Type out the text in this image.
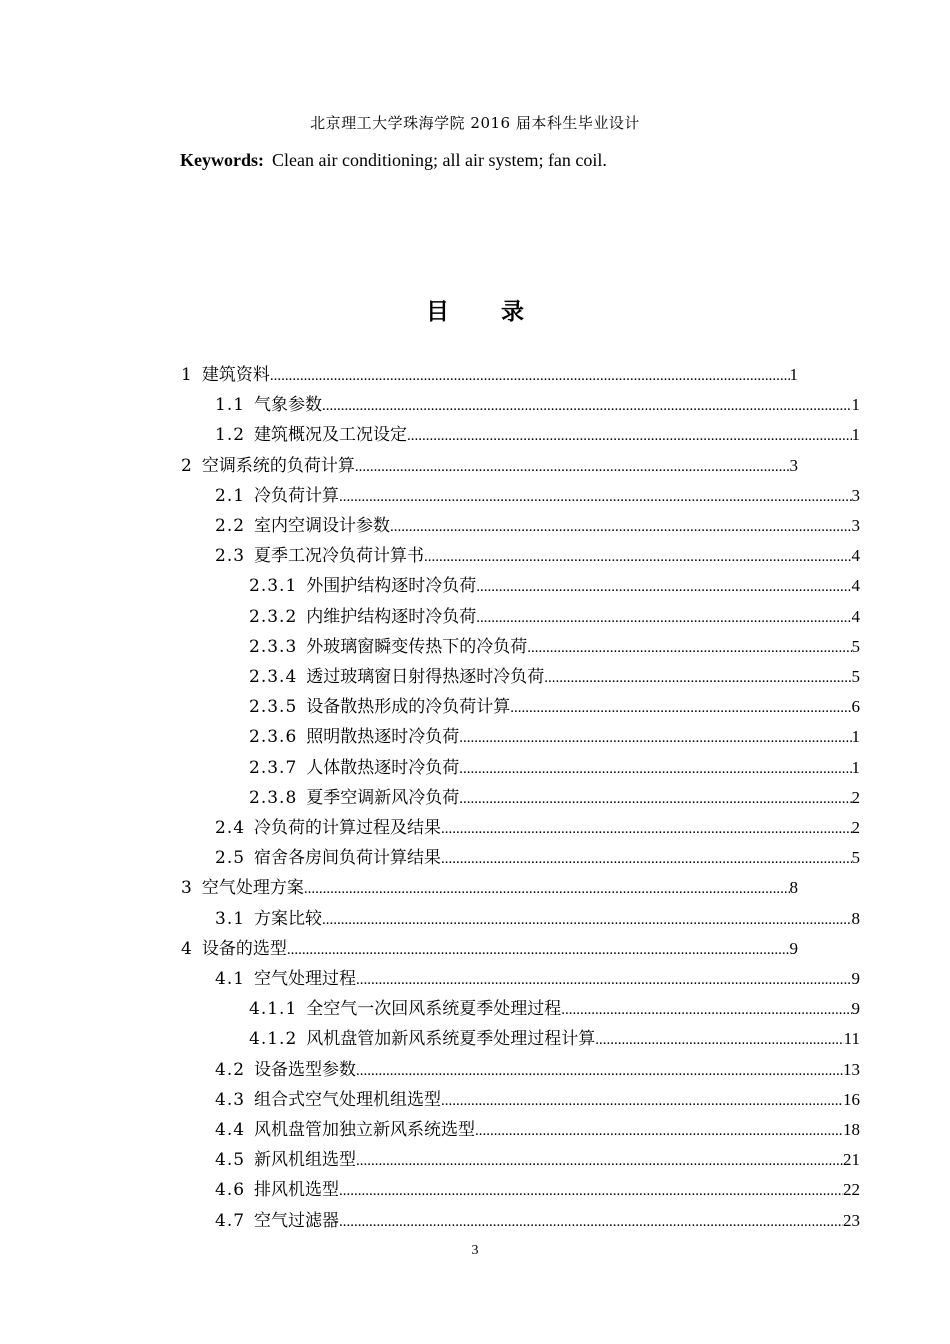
北京理工大学珠海学院 2016 届本科生毕业设计
Keywords: Clean air conditioning; all air system; fan coil.
目 录
1 建筑资料 .....	1
1.1 气象参数 .....	1
1.2 建筑概况及工况设定 .....	1
2 空调系统的负荷计算 .....	3
2.1 冷负荷计算 .....	3
2.2 室内空调设计参数 .....	3
2.3 夏季工况冷负荷计算书 .....	4
2.3.1 外围护结构逐时冷负荷 .....	4
2.3.2 内维护结构逐时冷负荷 .....	4
2.3.3 外玻璃窗瞬变传热下的冷负荷 .....	5
2.3.4 透过玻璃窗日射得热逐时冷负荷 .....	5
2.3.5 设备散热形成的冷负荷计算 .....	6
2.3.6 照明散热逐时冷负荷 .....	1
2.3.7 人体散热逐时冷负荷 .....	1
2.3.8 夏季空调新风冷负荷 .....	2
2.4 冷负荷的计算过程及结果 .....	2
2.5 宿舍各房间负荷计算结果 .....	5
3 空气处理方案 .....	8
3.1 方案比较 .....	8
4 设备的选型 .....	9
4.1 空气处理过程 .....	9
4.1.1 全空气一次回风系统夏季处理过程 .....	9
4.1.2 风机盘管加新风系统夏季处理过程计算 .....	11
4.2 设备选型参数 .....	13
4.3 组合式空气处理机组选型 .....	16
4.4 风机盘管加独立新风系统选型 .....	18
4.5 新风机组选型 .....	21
4.6 排风机选型 .....	22
4.7 空气过滤器 .....	23
3
